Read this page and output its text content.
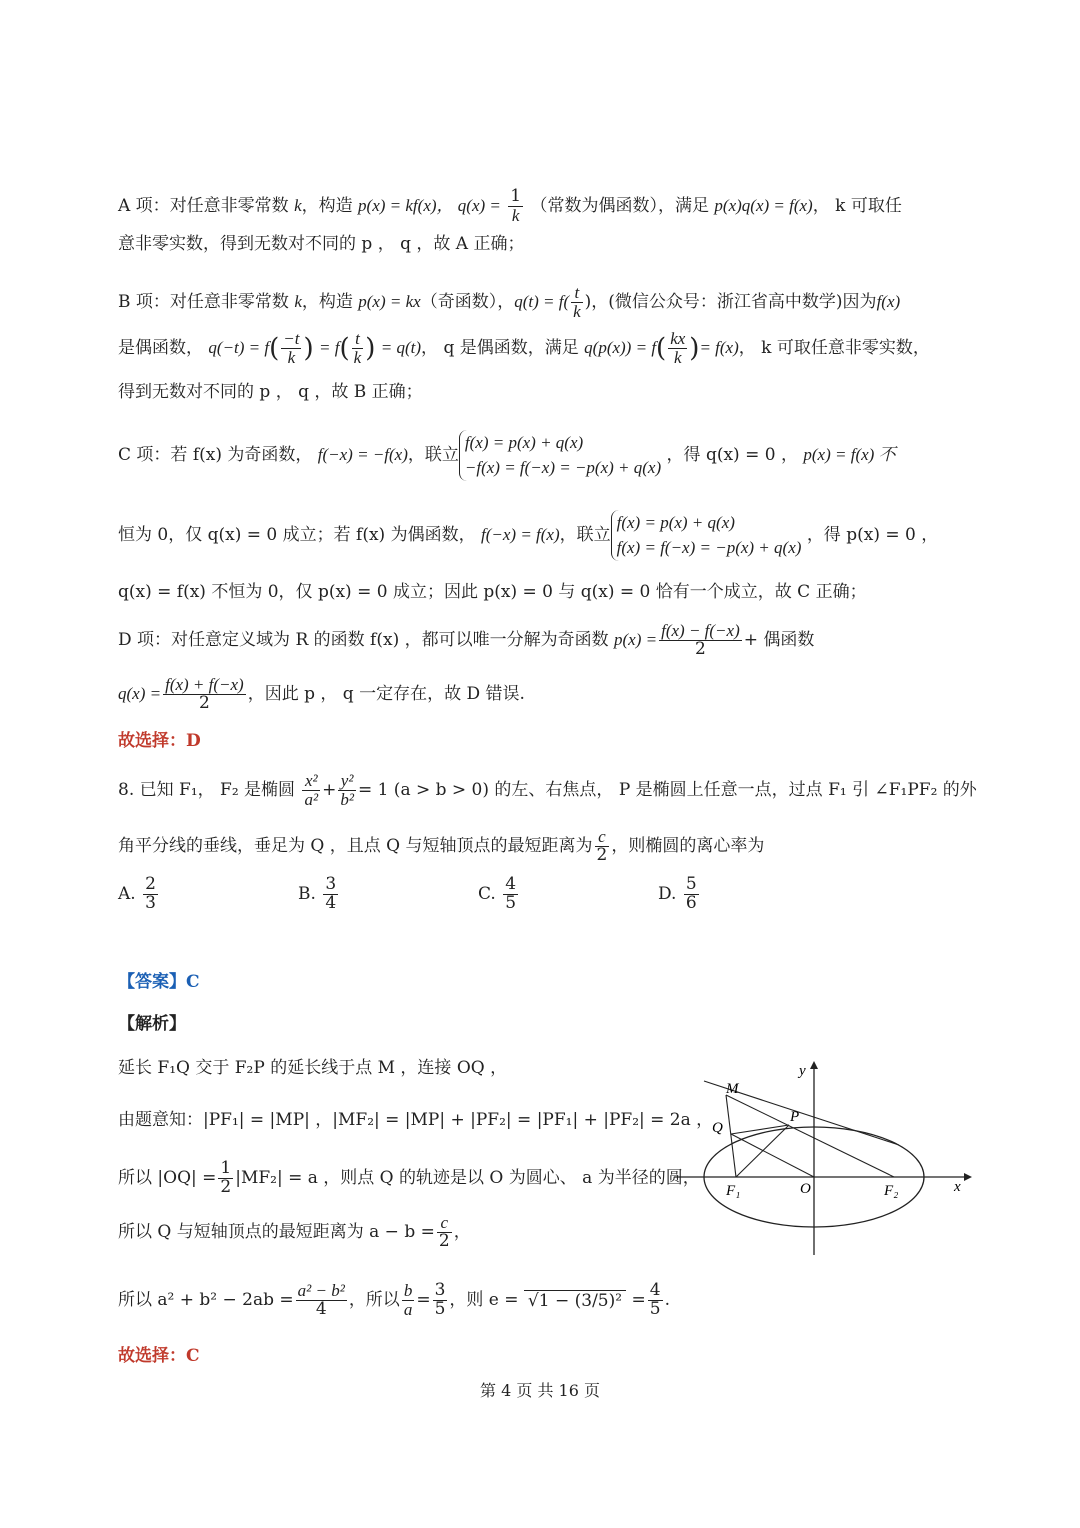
A 项：对任意非零常数 k，构造 p(x) = kf(x)， $q(x) = \frac{1}{k}$ （常数为偶函数），满足 p(x)q(x) = f(x)， k 可取任
意非零实数，得到无数对不同的 p ， q ，故 A 正确；
B 项：对任意非零常数 k，构造 p(x) = kx（奇函数），$q(t) = f( \frac{t}{k}$ )，(微信公众号：浙江省高中数学)因为f(x)
是偶函数， $q(-t) = f( \frac{-t}{k}$ ) = $f( \frac{t}{k}$ ) = q(t)， q 是偶函数，满足 $q(p(x)) = f( \frac{kx}{k}$ )= f(x)， k 可取任意非零实数，
得到无数对不同的 p ， q ，故 B 正确；
C 项：若 f(x) 为奇函数， f(−x) = −f(x)，联立
f(x) = p(x) + q(x)
−f(x) = f(−x) = −p(x) + q(x)
，得 q(x) = 0 ， p(x) = f(x) 不
恒为 0，仅 q(x) = 0 成立；若 f(x) 为偶函数， f(−x) = f(x)，联立
f(x) = p(x) + q(x)
f(x) = f(−x) = −p(x) + q(x)
，得 p(x) = 0 ，
q(x) = f(x) 不恒为 0，仅 p(x) = 0 成立；因此 p(x) = 0 与 q(x) = 0 恰有一个成立，故 C 正确；
D 项：对任意定义域为 R 的函数 f(x) ，都可以唯一分解为奇函数 $p(x) = \frac{f(x) - f(-x)}{2}$ + 偶函数
$q(x) = \frac{f(x) + f(-x)}{2}$ ，因此 p ， q 一定存在，故 D 错误.
故选择：D
8. 已知 F₁， F₂ 是椭圆 $\frac{\text{x²}}{\text{a²}} + \frac{\text{y²}}{\text{b²}} = 1$ (a > b > 0) 的左、右焦点， P 是椭圆上任意一点，过点 F₁ 引 ∠F₁PF₂ 的外
角平分线的垂线，垂足为 Q ，且点 Q 与短轴顶点的最短距离为 $\frac{c}{2}$ ，则椭圆的离心率为
A. $\frac{2}{3}$	B. $\frac{3}{4}$	C. $\frac{4}{5}$	D. $\frac{5}{6}$
【答案】C
【解析】
延长 F₁Q 交于 F₂P 的延长线于点 M ，连接 OQ ，
由题意知：|PF₁| = |MP| ，|MF₂| = |MP| + |PF₂| = |PF₁| + |PF₂| = 2a ，
所以 $|OQ| = \frac{1}{2} |MF_2| = a$ ，则点 Q 的轨迹是以 O 为圆心、 a 为半径的圆，
所以 Q 与短轴顶点的最短距离为 $a - b = \frac{c}{2}$ ，
所以 $a^2 + b^2 - 2ab = \frac{\text{a² − b²}}{4}$ ，所以 $\frac{b}{a} = \frac{3}{5}$ ，则 $e = √1 - (3/5)^2 = \frac{4}{5}$ .
故选择：C
y
x
M
P
Q
F₁	O	F₂
第 4 页 共 16 页
